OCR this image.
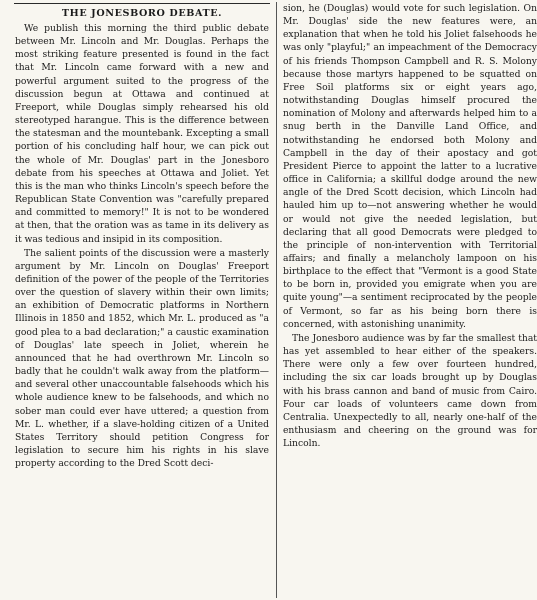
THE JONESBORO DEBATE.

We publish this morning the third public debate between Mr. Lincoln and Mr. Douglas. Perhaps the most striking feature presented is found in the fact that Mr. Lincoln came forward with a new and powerful argument suited to the progress of the discussion begun at Ottawa and continued at Freeport, while Douglas simply rehearsed his old stereotyped harangue. This is the difference between the statesman and the mountebank. Excepting a small portion of his concluding half hour, we can pick out the whole of Mr. Douglas' part in the Jonesboro debate from his speeches at Ottawa and Joliet. Yet this is the man who thinks Lincoln's speech before the Republican State Convention was "carefully prepared and committed to memory!" It is not to be wondered at then, that the oration was as tame in its delivery as it was tedious and insipid in its composition.

The salient points of the discussion were a masterly argument by Mr. Lincoln on Douglas' Freeport definition of the power of the people of the Territories over the question of slavery within their own limits; an exhibition of Democratic platforms in Northern Illinois in 1850 and 1852, which Mr. L. produced as "a good plea to a bad declaration;" a caustic examination of Douglas' late speech in Joliet, wherein he announced that he had overthrown Mr. Lincoln so badly that he couldn't walk away from the platform—and several other unaccountable falsehoods which his whole audience knew to be falsehoods, and which no sober man could ever have uttered; a question from Mr. L. whether, if a slave-holding citizen of a United States Territory should petition Congress for legislation to secure him his rights in his slave property according to the Dred Scott deci-

sion, he (Douglas) would vote for such legislation. On Mr. Douglas' side the new features were, an explanation that when he told his Joliet falsehoods he was only "playful;" an impeachment of the Democracy of his friends Thompson Campbell and R. S. Molony because those martyrs happened to be squatted on Free Soil platforms six or eight years ago, notwithstanding Douglas himself procured the nomination of Molony and afterwards helped him to a snug berth in the Danville Land Office, and notwithstanding he endorsed both Molony and Campbell in the day of their apostacy and got President Pierce to appoint the latter to a lucrative office in California; a skillful dodge around the new angle of the Dred Scott decision, which Lincoln had hauled him up to—not answering whether he would or would not give the needed legislation, but declaring that all good Democrats were pledged to the principle of non-intervention with Territorial affairs; and finally a melancholy lampoon on his birthplace to the effect that "Vermont is a good State to be born in, provided you emigrate when you are quite young"—a sentiment reciprocated by the people of Vermont, so far as his being born there is concerned, with astonishing unanimity.

The Jonesboro audience was by far the smallest that has yet assembled to hear either of the speakers. There were only a few over fourteen hundred, including the six car loads brought up by Douglas with his brass cannon and band of music from Cairo. Four car loads of volunteers came down from Centralia. Unexpectedly to all, nearly one-half of the enthusiasm and cheering on the ground was for Lincoln.
